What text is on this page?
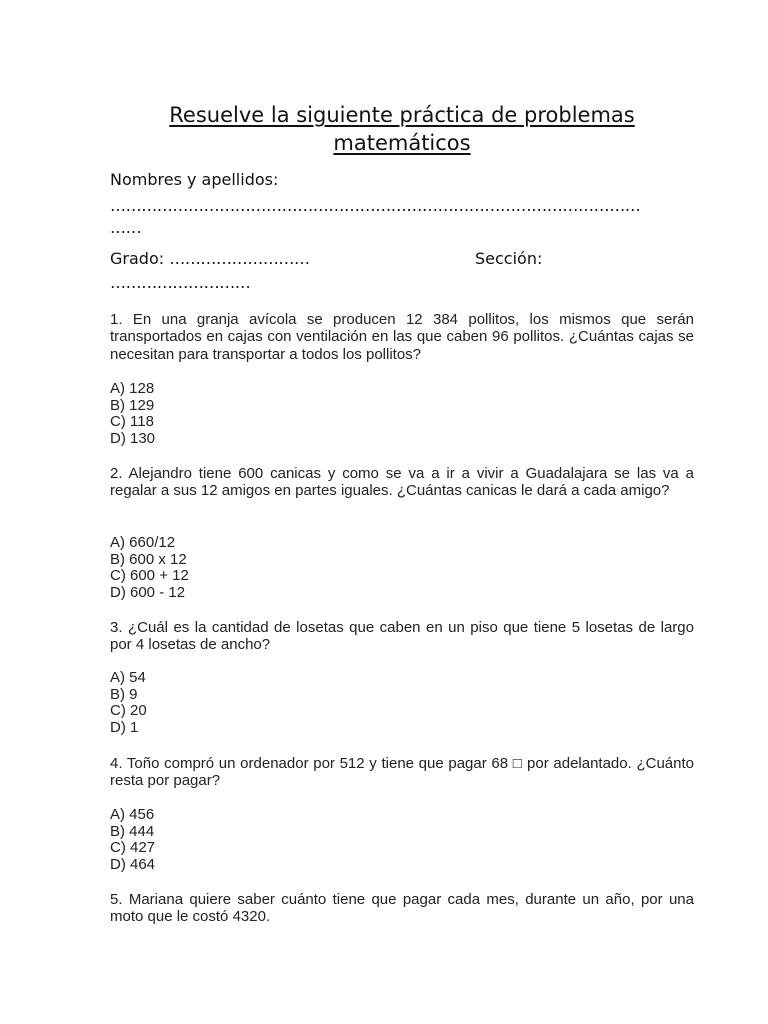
Resuelve la siguiente práctica de problemas
matemáticos
Nombres y apellidos:
…………………………………………………………………………………………
……
Grado: ………………………	Sección:
………………………
1. En una granja avícola se producen 12 384 pollitos, los mismos que serán transportados en cajas con ventilación en las que caben 96 pollitos. ¿Cuántas cajas se necesitan para transportar a todos los pollitos?
A) 128
B) 129
C) 118
D) 130
2. Alejandro tiene 600 canicas y como se va a ir a vivir a Guadalajara se las va a regalar a sus 12 amigos en partes iguales. ¿Cuántas canicas le dará a cada amigo?
A) 660/12
B) 600 x 12
C) 600 + 12
D) 600 - 12
3. ¿Cuál es la cantidad de losetas que caben en un piso que tiene 5 losetas de largo por 4 losetas de ancho?
A) 54
B) 9
C) 20
D) 1
4. Toño compró un ordenador por 512 y tiene que pagar 68 □ por adelantado. ¿Cuánto resta por pagar?
A) 456
B) 444
C) 427
D) 464
5. Mariana quiere saber cuánto tiene que pagar cada mes, durante un año, por una moto que le costó 4320.
